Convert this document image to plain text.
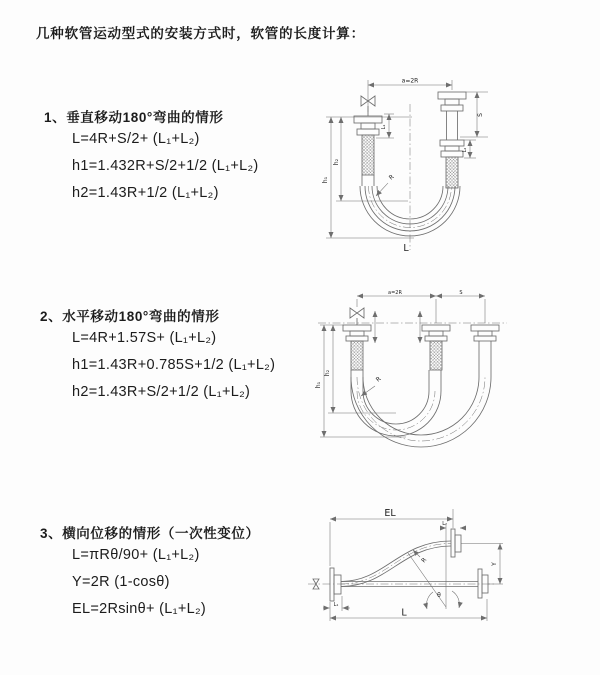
几种软管运动型式的安装方式时，软管的长度计算：
1、垂直移动180°弯曲的情形
L=4R+S/2+ (L₁+L₂)
h1=1.432R+S/2+1/2 (L₁+L₂)
h2=1.43R+1/2 (L₁+L₂)
2、水平移动180°弯曲的情形
L=4R+1.57S+ (L₁+L₂)
h1=1.43R+0.785S+1/2 (L₁+L₂)
h2=1.43R+S/2+1/2 (L₁+L₂)
3、横向位移的情形（一次性变位）
L=πRθ/90+ (L₁+L₂)
Y=2R (1-cosθ)
EL=2Rsinθ+ (L₁+L₂)
a=2R
h₁
h₂
L₁
S
L₂
R
L
a=2R	S
h₁
h₂
R
EL
L₂
θ
R	Y
L₁
L
